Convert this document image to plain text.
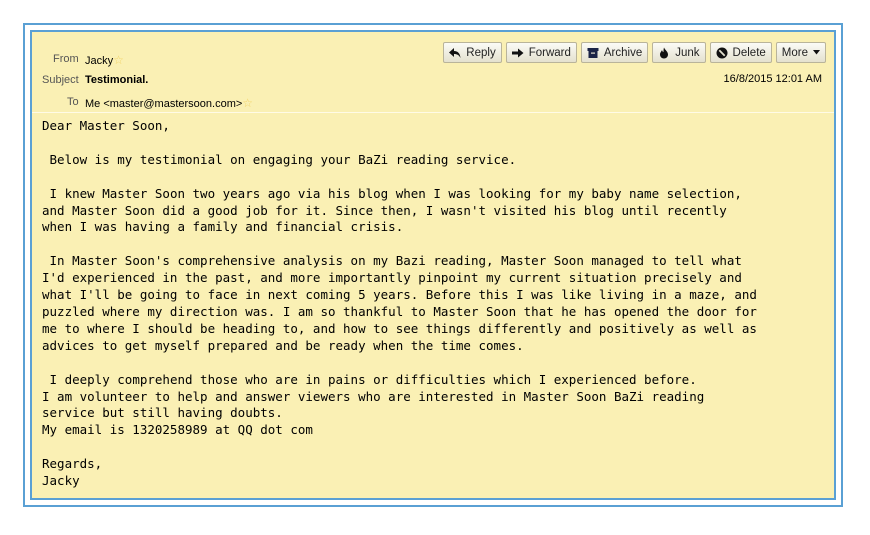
From Jacky☆
Subject Testimonial.
To Me <master@mastersoon.com>☆
Reply	Forward	Archive	Junk	Delete More
16/8/2015 12:01 AM
Dear Master Soon,

Below is my testimonial on engaging your BaZi reading service.

I knew Master Soon two years ago via his blog when I was looking for my baby name selection,
and Master Soon did a good job for it. Since then, I wasn't visited his blog until recently
when I was having a family and financial crisis.

In Master Soon's comprehensive analysis on my Bazi reading, Master Soon managed to tell what
I'd experienced in the past, and more importantly pinpoint my current situation precisely and
what I'll be going to face in next coming 5 years. Before this I was like living in a maze, and
puzzled where my direction was. I am so thankful to Master Soon that he has opened the door for
me to where I should be heading to, and how to see things differently and positively as well as
advices to get myself prepared and be ready when the time comes.

I deeply comprehend those who are in pains or difficulties which I experienced before.
I am volunteer to help and answer viewers who are interested in Master Soon BaZi reading
service but still having doubts.
My email is 1320258989 at QQ dot com

Regards,
Jacky
